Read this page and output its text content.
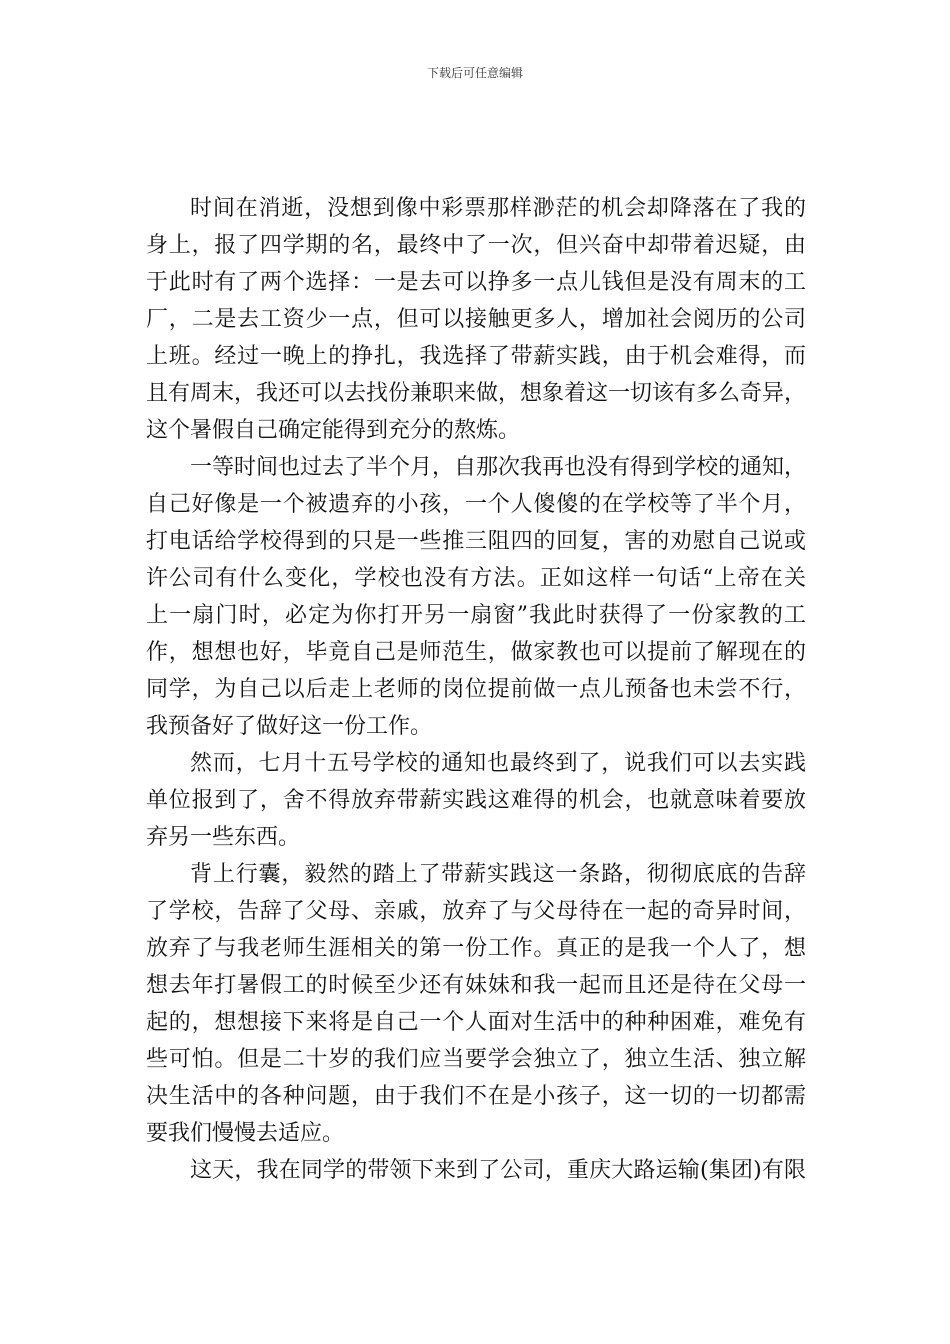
下载后可任意编辑
时间在消逝，没想到像中彩票那样渺茫的机会却降落在了我的
身上，报了四学期的名，最终中了一次，但兴奋中却带着迟疑，由
于此时有了两个选择：一是去可以挣多一点儿钱但是没有周末的工
厂，二是去工资少一点，但可以接触更多人，增加社会阅历的公司
上班。经过一晚上的挣扎，我选择了带薪实践，由于机会难得，而
且有周末，我还可以去找份兼职来做，想象着这一切该有多么奇异，
这个暑假自己确定能得到充分的熬炼。
一等时间也过去了半个月，自那次我再也没有得到学校的通知，
自己好像是一个被遗弃的小孩，一个人傻傻的在学校等了半个月，
打电话给学校得到的只是一些推三阻四的回复，害的劝慰自己说或
许公司有什么变化，学校也没有方法。正如这样一句话“上帝在关
上一扇门时，必定为你打开另一扇窗”我此时获得了一份家教的工
作，想想也好，毕竟自己是师范生，做家教也可以提前了解现在的
同学，为自己以后走上老师的岗位提前做一点儿预备也未尝不行，
我预备好了做好这一份工作。
然而，七月十五号学校的通知也最终到了，说我们可以去实践
单位报到了，舍不得放弃带薪实践这难得的机会，也就意味着要放
弃另一些东西。
背上行囊，毅然的踏上了带薪实践这一条路，彻彻底底的告辞
了学校，告辞了父母、亲戚，放弃了与父母待在一起的奇异时间，
放弃了与我老师生涯相关的第一份工作。真正的是我一个人了，想
想去年打暑假工的时候至少还有妹妹和我一起而且还是待在父母一
起的，想想接下来将是自己一个人面对生活中的种种困难，难免有
些可怕。但是二十岁的我们应当要学会独立了，独立生活、独立解
决生活中的各种问题，由于我们不在是小孩子，这一切的一切都需
要我们慢慢去适应。
这天，我在同学的带领下来到了公司，重庆大路运输(集团)有限
